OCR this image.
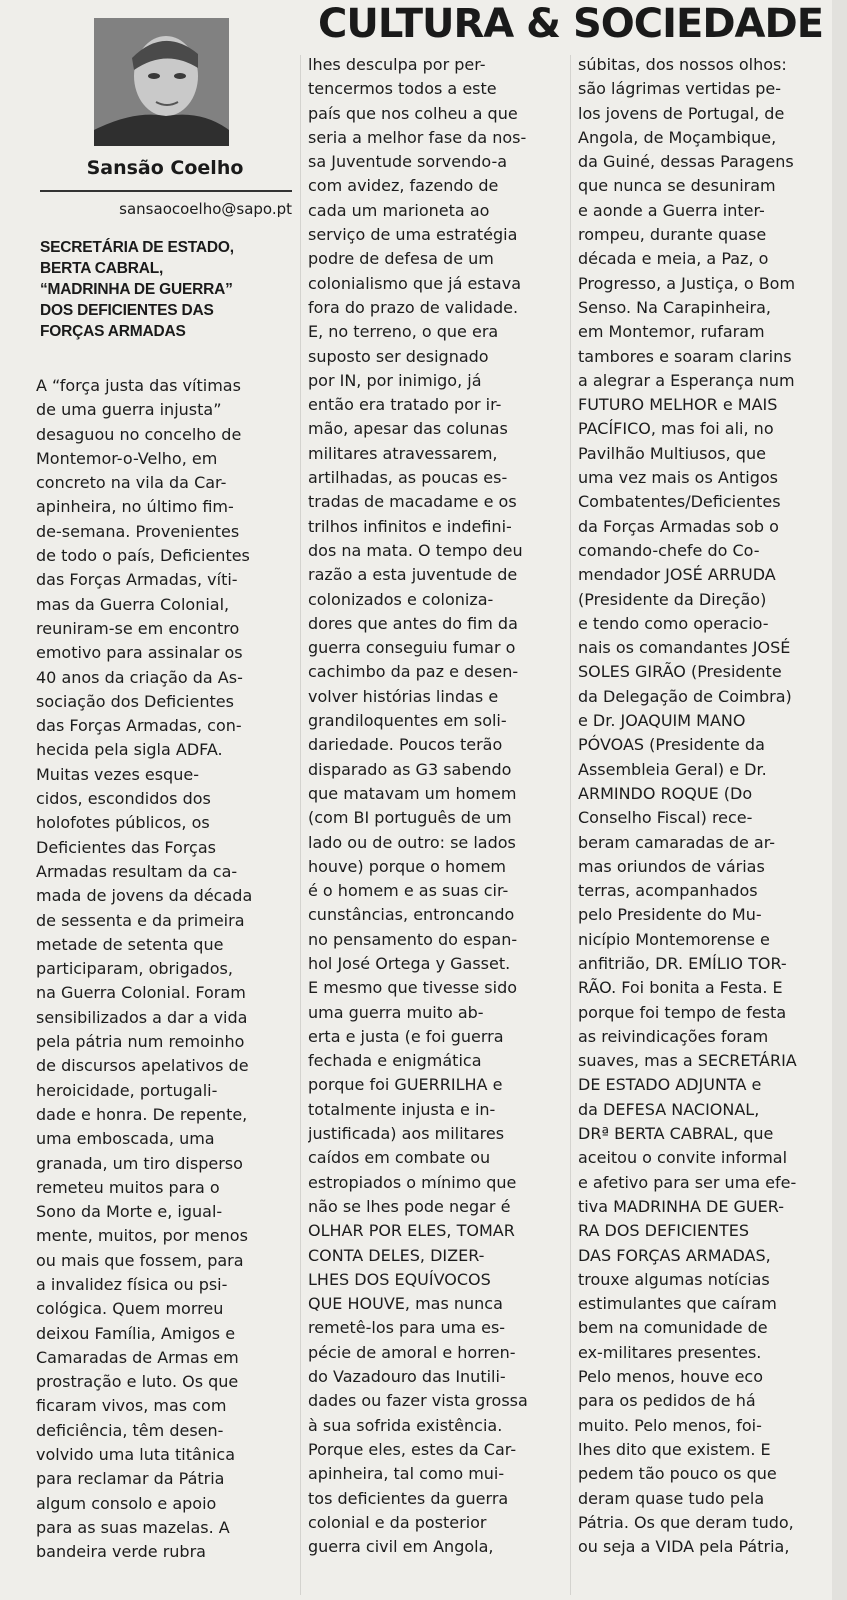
CULTURA & SOCIEDADE
Sansão Coelho
sansaocoelho@sapo.pt
SECRETÁRIA DE ESTADO,
BERTA CABRAL,
“MADRINHA DE GUERRA”
DOS DEFICIENTES DAS
FORÇAS ARMADAS
A “força justa das vítimas
de uma guerra injusta”
desaguou no concelho de
Montemor-o-Velho, em
concreto na vila da Car-
apinheira, no último fim-
de-semana. Provenientes
de todo o país, Deficientes
das Forças Armadas, víti-
mas da Guerra Colonial,
reuniram-se em encontro
emotivo para assinalar os
40 anos da criação da As-
sociação dos Deficientes
das Forças Armadas, con-
hecida pela sigla ADFA.
Muitas vezes esque-
cidos, escondidos dos
holofotes públicos, os
Deficientes das Forças
Armadas resultam da ca-
mada de jovens da década
de sessenta e da primeira
metade de setenta que
participaram, obrigados,
na Guerra Colonial. Foram
sensibilizados a dar a vida
pela pátria num remoinho
de discursos apelativos de
heroicidade, portugali-
dade e honra. De repente,
uma emboscada, uma
granada, um tiro disperso
remeteu muitos para o
Sono da Morte e, igual-
mente, muitos, por menos
ou mais que fossem, para
a invalidez física ou psi-
cológica. Quem morreu
deixou Família, Amigos e
Camaradas de Armas em
prostração e luto. Os que
ficaram vivos, mas com
deficiência, têm desen-
volvido uma luta titânica
para reclamar da Pátria
algum consolo e apoio
para as suas mazelas. A
bandeira verde rubra
lhes desculpa por per-
tencermos todos a este
país que nos colheu a que
seria a melhor fase da nos-
sa Juventude sorvendo-a
com avidez, fazendo de
cada um marioneta ao
serviço de uma estratégia
podre de defesa de um
colonialismo que já estava
fora do prazo de validade.
E, no terreno, o que era
suposto ser designado
por IN, por inimigo, já
então era tratado por ir-
mão, apesar das colunas
militares atravessarem,
artilhadas, as poucas es-
tradas de macadame e os
trilhos infinitos e indefini-
dos na mata. O tempo deu
razão a esta juventude de
colonizados e coloniza-
dores que antes do fim da
guerra conseguiu fumar o
cachimbo da paz e desen-
volver histórias lindas e
grandiloquentes em soli-
dariedade. Poucos terão
disparado as G3 sabendo
que matavam um homem
(com BI português de um
lado ou de outro: se lados
houve) porque o homem
é o homem e as suas cir-
cunstâncias, entroncando
no pensamento do espan-
hol José Ortega y Gasset.
E mesmo que tivesse sido
uma guerra muito ab-
erta e justa (e foi guerra
fechada e enigmática
porque foi GUERRILHA e
totalmente injusta e in-
justificada) aos militares
caídos em combate ou
estropiados o mínimo que
não se lhes pode negar é
OLHAR POR ELES, TOMAR
CONTA DELES, DIZER-
LHES DOS EQUÍVOCOS
QUE HOUVE, mas nunca
remetê-los para uma es-
pécie de amoral e horren-
do Vazadouro das Inutili-
dades ou fazer vista grossa
à sua sofrida existência.
Porque eles, estes da Car-
apinheira, tal como mui-
tos deficientes da guerra
colonial e da posterior
guerra civil em Angola,
súbitas, dos nossos olhos:
são lágrimas vertidas pe-
los jovens de Portugal, de
Angola, de Moçambique,
da Guiné, dessas Paragens
que nunca se desuniram
e aonde a Guerra inter-
rompeu, durante quase
década e meia, a Paz, o
Progresso, a Justiça, o Bom
Senso. Na Carapinheira,
em Montemor, rufaram
tambores e soaram clarins
a alegrar a Esperança num
FUTURO MELHOR e MAIS
PACÍFICO, mas foi ali, no
Pavilhão Multiusos, que
uma vez mais os Antigos
Combatentes/Deficientes
da Forças Armadas sob o
comando-chefe do Co-
mendador JOSÉ ARRUDA
(Presidente da Direção)
e tendo como operacio-
nais os comandantes JOSÉ
SOLES GIRÃO (Presidente
da Delegação de Coimbra)
e Dr. JOAQUIM MANO
PÓVOAS (Presidente da
Assembleia Geral) e Dr.
ARMINDO ROQUE (Do
Conselho Fiscal) rece-
beram camaradas de ar-
mas oriundos de várias
terras, acompanhados
pelo Presidente do Mu-
nicípio Montemorense e
anfitrião, DR. EMÍLIO TOR-
RÃO. Foi bonita a Festa. E
porque foi tempo de festa
as reivindicações foram
suaves, mas a SECRETÁRIA
DE ESTADO ADJUNTA e
da DEFESA NACIONAL,
DRª BERTA CABRAL, que
aceitou o convite informal
e afetivo para ser uma efe-
tiva MADRINHA DE GUER-
RA DOS DEFICIENTES
DAS FORÇAS ARMADAS,
trouxe algumas notícias
estimulantes que caíram
bem na comunidade de
ex-militares presentes.
Pelo menos, houve eco
para os pedidos de há
muito. Pelo menos, foi-
lhes dito que existem. E
pedem tão pouco os que
deram quase tudo pela
Pátria. Os que deram tudo,
ou seja a VIDA pela Pátria,
